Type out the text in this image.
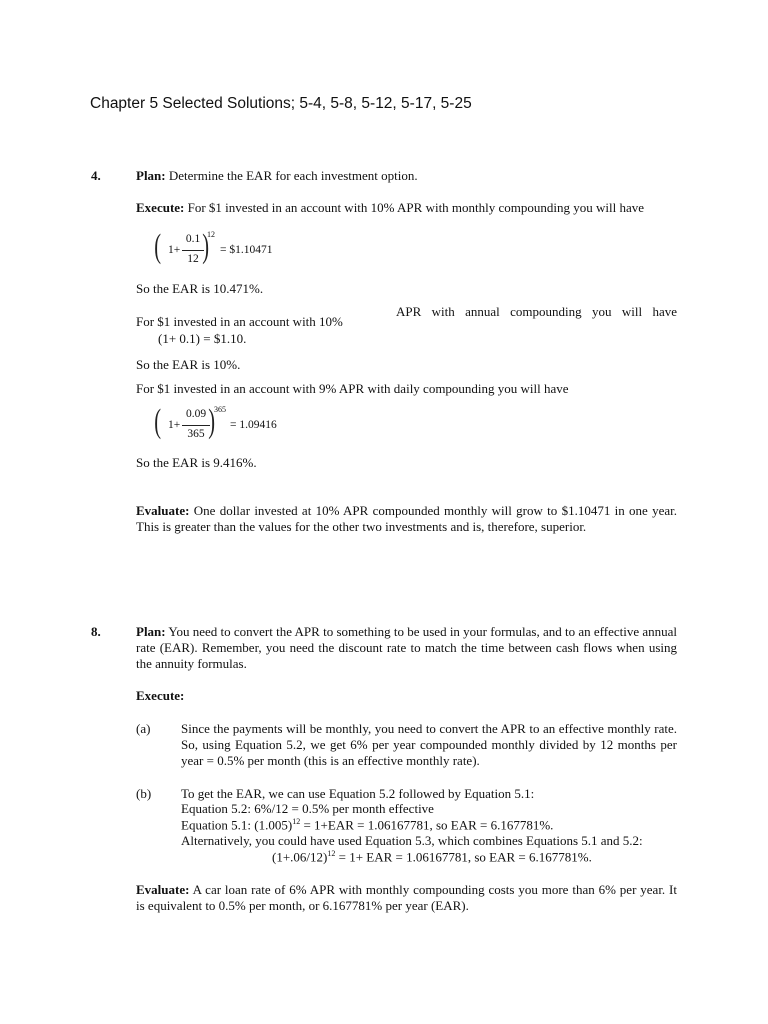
Chapter 5 Selected Solutions; 5-4, 5-8, 5-12, 5-17, 5-25
4.	Plan: Determine the EAR for each investment option.
Execute: For $1 invested in an account with 10% APR with monthly compounding you will have
( 1+
0.1
12 )
12
= $1.10471
So the EAR is 10.471%.
For $1 invested in an account with 10%
APR with annual compounding you will have
(1+ 0.1) = $1.10.
So the EAR is 10%.
For $1 invested in an account with 9% APR with daily compounding you will have
( 1+
0.09
365 )
365
= 1.09416
So the EAR is 9.416%.
Evaluate: One dollar invested at 10% APR compounded monthly will grow to $1.10471 in one year. This is greater than the values for the other two investments and is, therefore, superior.
8.	Plan: You need to convert the APR to something to be used in your formulas, and to an effective annual rate (EAR). Remember, you need the discount rate to match the time between cash flows when using the annuity formulas.
Execute:
(a) Since the payments will be monthly, you need to convert the APR to an effective monthly rate. So, using Equation 5.2, we get 6% per year compounded monthly divided by 12 months per year = 0.5% per month (this is an effective monthly rate).
(b) To get the EAR, we can use Equation 5.2 followed by Equation 5.1:
Equation 5.2: 6%/12 = 0.5% per month effective
Equation 5.1: $(1.005)^{12} = 1+EAR = 1.06167781$, so EAR = 6.167781%.
Alternatively, you could have used Equation 5.3, which combines Equations 5.1 and 5.2:
$(1+.06/12)^{12} = 1+$ EAR = 1.06167781, so EAR = 6.167781%.
Evaluate: A car loan rate of 6% APR with monthly compounding costs you more than 6% per year. It is equivalent to 0.5% per month, or 6.167781% per year (EAR).
